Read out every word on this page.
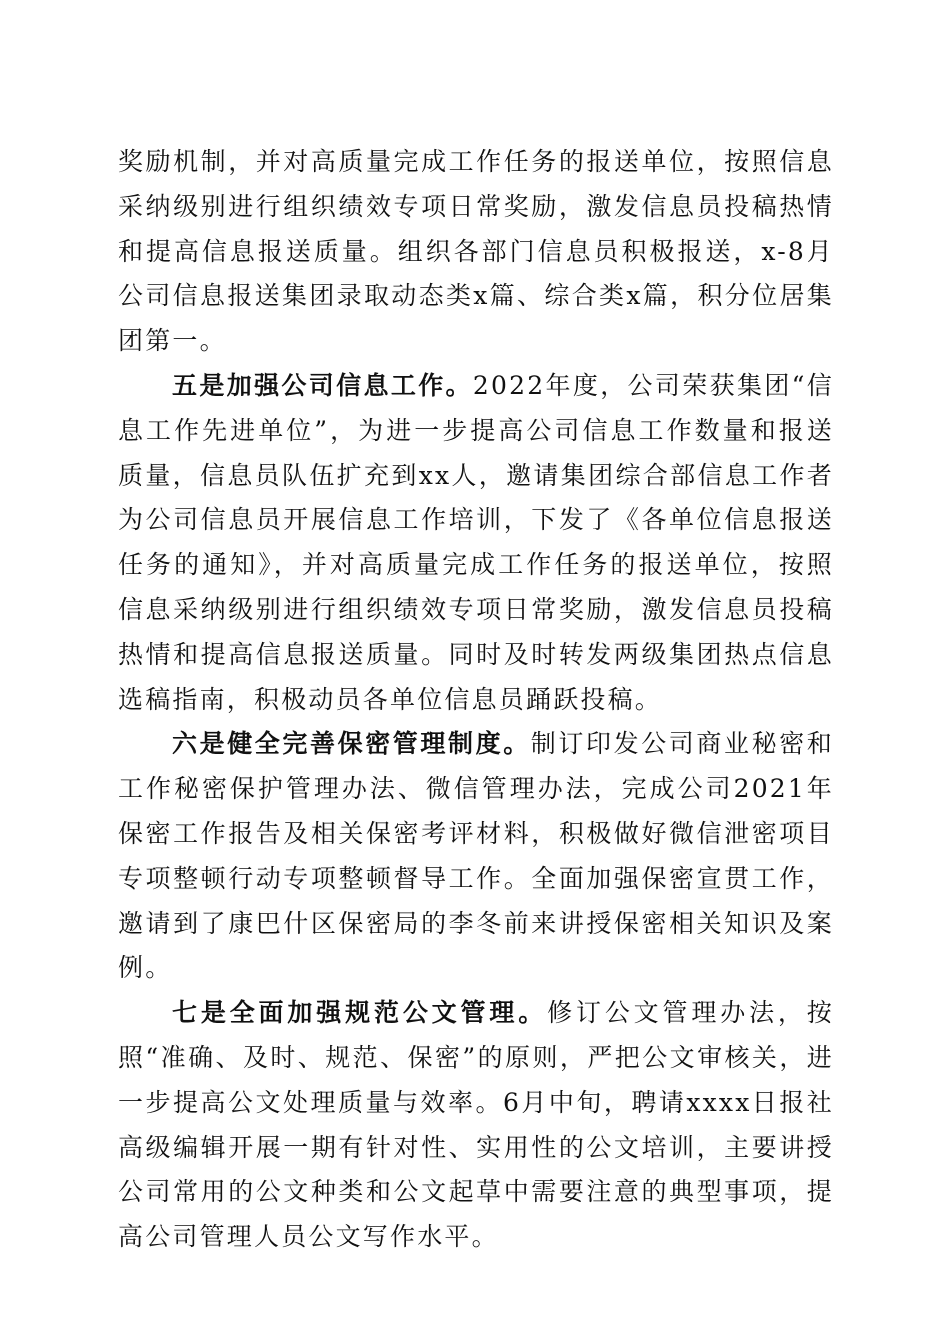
奖励机制，并对高质量完成工作任务的报送单位，按照信息采纳级别进行组织绩效专项日常奖励，激发信息员投稿热情和提高信息报送质量。组织各部门信息员积极报送，x-8月公司信息报送集团录取动态类x篇、综合类x篇，积分位居集团第一。

五是加强公司信息工作。2022年度，公司荣获集团“信息工作先进单位”，为进一步提高公司信息工作数量和报送质量，信息员队伍扩充到xx人，邀请集团综合部信息工作者为公司信息员开展信息工作培训，下发了《各单位信息报送任务的通知》，并对高质量完成工作任务的报送单位，按照信息采纳级别进行组织绩效专项日常奖励，激发信息员投稿热情和提高信息报送质量。同时及时转发两级集团热点信息选稿指南，积极动员各单位信息员踊跃投稿。

六是健全完善保密管理制度。制订印发公司商业秘密和工作秘密保护管理办法、微信管理办法，完成公司2021年保密工作报告及相关保密考评材料，积极做好微信泄密项目专项整顿行动专项整顿督导工作。全面加强保密宣贯工作，邀请到了康巴什区保密局的李冬前来讲授保密相关知识及案例。

七是全面加强规范公文管理。修订公文管理办法，按照“准确、及时、规范、保密”的原则，严把公文审核关，进一步提高公文处理质量与效率。6月中旬，聘请xxxx日报社高级编辑开展一期有针对性、实用性的公文培训，主要讲授公司常用的公文种类和公文起草中需要注意的典型事项，提高公司管理人员公文写作水平。
